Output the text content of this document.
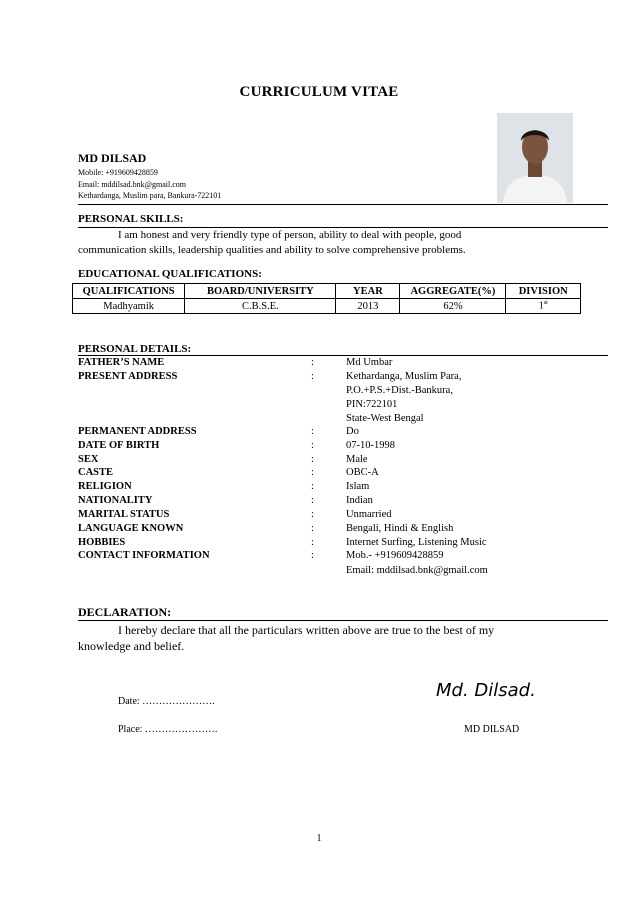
CURRICULUM VITAE
MD DILSAD
Mobile: +919609428859
Email: mddilsad.bnk@gmail.com
Kethardanga, Muslim para, Bankura-722101
PERSONAL SKILLS:
I am honest and very friendly type of person, ability to deal with people, good
communication skills, leadership qualities and ability to solve comprehensive problems.
EDUCATIONAL QUALIFICATIONS:
QUALIFICATIONS	BOARD/UNIVERSITY	YEAR	AGGREGATE(%)	DIVISION
Madhyamik	C.B.S.E.	2013	62%	1st
PERSONAL DETAILS:
FATHER’S NAME	:	Md Umbar
PRESENT ADDRESS	:	Kethardanga, Muslim Para,
P.O.+P.S.+Dist.-Bankura,
PIN:722101
State-West Bengal
PERMANENT ADDRESS	:	Do
DATE OF BIRTH	:	07-10-1998
SEX	:	Male
CASTE	:	OBC-A
RELIGION	:	Islam
NATIONALITY	:	Indian
MARITAL STATUS	:	Unmarried
LANGUAGE KNOWN	:	Bengali, Hindi & English
HOBBIES	:	Internet Surfing, Listening Music
CONTACT INFORMATION	:	Mob.- +919609428859
Email: mddilsad.bnk@gmail.com
DECLARATION:
I hereby declare that all the particulars written above are true to the best of my
knowledge and belief.
Date: ………………….
Place: ………………….
Md. Dilsad.
MD DILSAD
1
